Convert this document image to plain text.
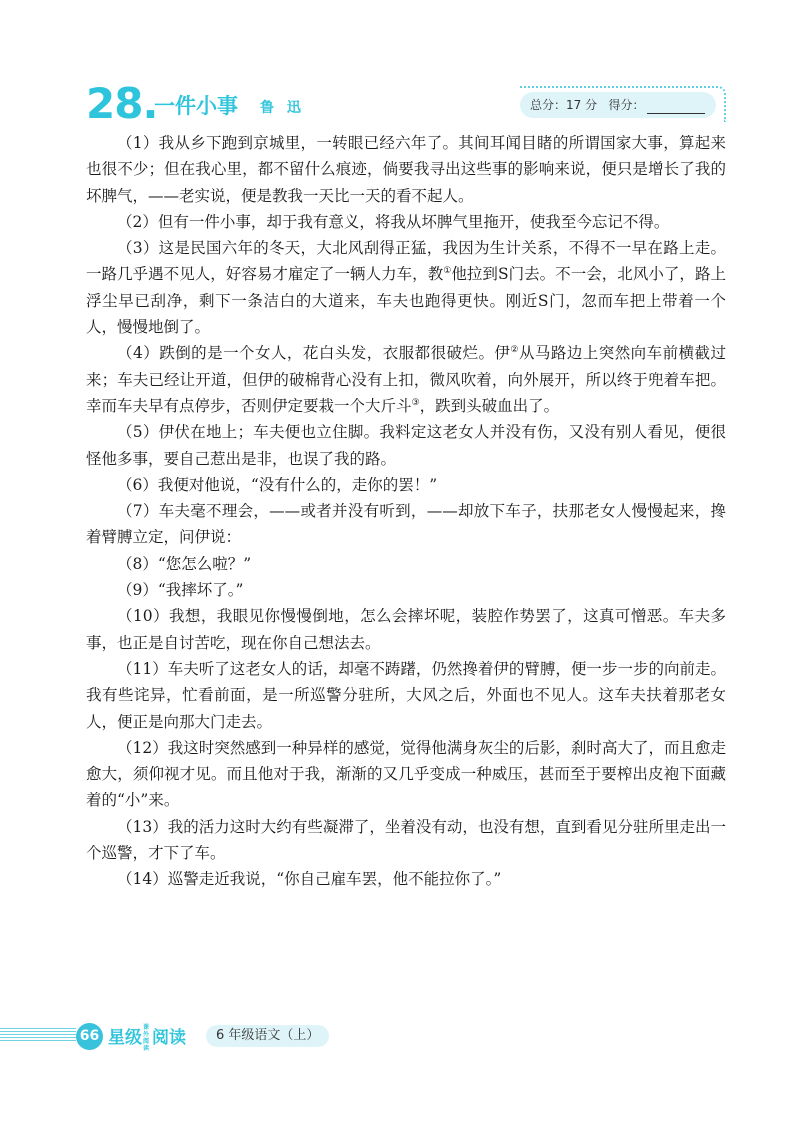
28.
一件小事 鲁 迅	总分：17 分 得分：

（1）我从乡下跑到京城里，一转眼已经六年了。其间耳闻目睹的所谓国家大事，算起来也很不少；但在我心里，都不留什么痕迹，倘要我寻出这些事的影响来说，便只是增长了我的坏脾气，——老实说，便是教我一天比一天的看不起人。

（2）但有一件小事，却于我有意义，将我从坏脾气里拖开，使我至今忘记不得。

（3）这是民国六年的冬天，大北风刮得正猛，我因为生计关系，不得不一早在路上走。一路几乎遇不见人，好容易才雇定了一辆人力车，教①他拉到S门去。不一会，北风小了，路上浮尘早已刮净，剩下一条洁白的大道来，车夫也跑得更快。刚近S门，忽而车把上带着一个人，慢慢地倒了。

（4）跌倒的是一个女人，花白头发，衣服都很破烂。伊②从马路边上突然向车前横截过来；车夫已经让开道，但伊的破棉背心没有上扣，微风吹着，向外展开，所以终于兜着车把。幸而车夫早有点停步，否则伊定要栽一个大斤斗③，跌到头破血出了。

（5）伊伏在地上；车夫便也立住脚。我料定这老女人并没有伤，又没有别人看见，便很怪他多事，要自己惹出是非，也误了我的路。

（6）我便对他说，“没有什么的，走你的罢！”

（7）车夫毫不理会，——或者并没有听到，——却放下车子，扶那老女人慢慢起来，搀着臂膊立定，问伊说：

（8）“您怎么啦？”

（9）“我摔坏了。”

（10）我想，我眼见你慢慢倒地，怎么会摔坏呢，装腔作势罢了，这真可憎恶。车夫多事，也正是自讨苦吃，现在你自己想法去。

（11）车夫听了这老女人的话，却毫不踌躇，仍然搀着伊的臂膊，便一步一步的向前走。我有些诧异，忙看前面，是一所巡警分驻所，大风之后，外面也不见人。这车夫扶着那老女人，便正是向那大门走去。

（12）我这时突然感到一种异样的感觉，觉得他满身灰尘的后影，刹时高大了，而且愈走愈大，须仰视才见。而且他对于我，渐渐的又几乎变成一种威压，甚而至于要榨出皮袍下面藏着的“小”来。

（13）我的活力这时大约有些凝滞了，坐着没有动，也没有想，直到看见分驻所里走出一个巡警，才下了车。

（14）巡警走近我说，“你自己雇车罢，他不能拉你了。”

66 星级课外
阅读阅读	6 年级语文（上）
